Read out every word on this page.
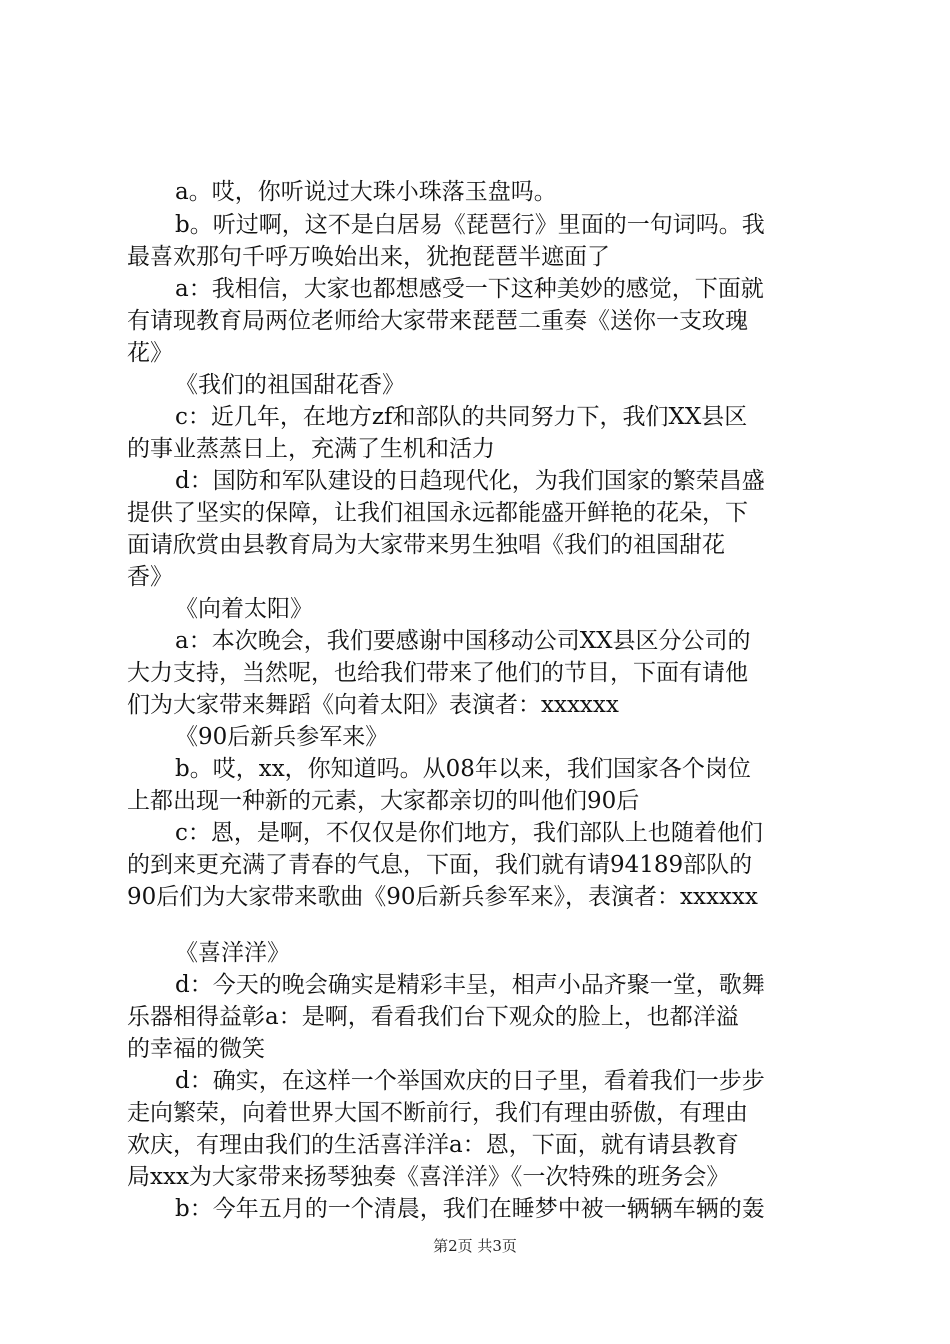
a。哎，你听说过大珠小珠落玉盘吗。
b。听过啊，这不是白居易《琵琶行》里面的一句词吗。我
最喜欢那句千呼万唤始出来，犹抱琵琶半遮面了
a：我相信，大家也都想感受一下这种美妙的感觉，下面就
有请现教育局两位老师给大家带来琵琶二重奏《送你一支玫瑰
花》
《我们的祖国甜花香》
c：近几年，在地方zf和部队的共同努力下，我们XX县区
的事业蒸蒸日上，充满了生机和活力
d：国防和军队建设的日趋现代化，为我们国家的繁荣昌盛
提供了坚实的保障，让我们祖国永远都能盛开鲜艳的花朵，下
面请欣赏由县教育局为大家带来男生独唱《我们的祖国甜花
香》
《向着太阳》
a：本次晚会，我们要感谢中国移动公司XX县区分公司的
大力支持，当然呢，也给我们带来了他们的节目，下面有请他
们为大家带来舞蹈《向着太阳》表演者：xxxxxx
《90后新兵参军来》
b。哎，xx，你知道吗。从08年以来，我们国家各个岗位
上都出现一种新的元素，大家都亲切的叫他们90后
c：恩，是啊，不仅仅是你们地方，我们部队上也随着他们
的到来更充满了青春的气息，下面，我们就有请94189部队的
90后们为大家带来歌曲《90后新兵参军来》，表演者：xxxxxx
《喜洋洋》
d：今天的晚会确实是精彩丰呈，相声小品齐聚一堂，歌舞
乐器相得益彰a：是啊，看看我们台下观众的脸上，也都洋溢
的幸福的微笑
d：确实，在这样一个举国欢庆的日子里，看着我们一步步
走向繁荣，向着世界大国不断前行，我们有理由骄傲，有理由
欢庆，有理由我们的生活喜洋洋a：恩，下面，就有请县教育
局xxx为大家带来扬琴独奏《喜洋洋》《一次特殊的班务会》
b：今年五月的一个清晨，我们在睡梦中被一辆辆车辆的轰
第2页 共3页
